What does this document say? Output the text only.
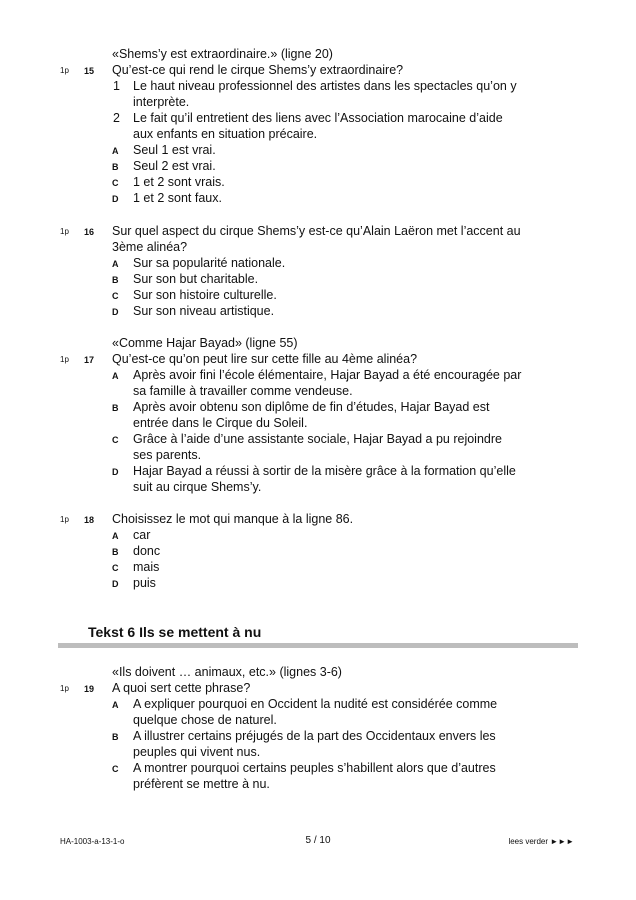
«Shems’y est extraordinaire.» (ligne 20)
1p 15 Qu’est-ce qui rend le cirque Shems’y extraordinaire?
1 Le haut niveau professionnel des artistes dans les spectacles qu’on y
interprète.
2 Le fait qu’il entretient des liens avec l’Association marocaine d’aide
aux enfants en situation précaire.
A Seul 1 est vrai.
B Seul 2 est vrai.
C 1 et 2 sont vrais.
D 1 et 2 sont faux.
1p 16 Sur quel aspect du cirque Shems’y est-ce qu’Alain Laëron met l’accent au
3ème alinéa?
A Sur sa popularité nationale.
B Sur son but charitable.
C Sur son histoire culturelle.
D Sur son niveau artistique.
«Comme Hajar Bayad» (ligne 55)
1p 17 Qu’est-ce qu’on peut lire sur cette fille au 4ème alinéa?
A Après avoir fini l’école élémentaire, Hajar Bayad a été encouragée par
sa famille à travailler comme vendeuse.
B Après avoir obtenu son diplôme de fin d’études, Hajar Bayad est
entrée dans le Cirque du Soleil.
C Grâce à l’aide d’une assistante sociale, Hajar Bayad a pu rejoindre
ses parents.
D Hajar Bayad a réussi à sortir de la misère grâce à la formation qu’elle
suit au cirque Shems’y.
1p 18 Choisissez le mot qui manque à la ligne 86.
A car
B donc
C mais
D puis
Tekst 6 Ils se mettent à nu
«Ils doivent … animaux, etc.» (lignes 3-6)
1p 19 A quoi sert cette phrase?
A A expliquer pourquoi en Occident la nudité est considérée comme
quelque chose de naturel.
B A illustrer certains préjugés de la part des Occidentaux envers les
peuples qui vivent nus.
C A montrer pourquoi certains peuples s’habillent alors que d’autres
préfèrent se mettre à nu.
HA-1003-a-13-1-o	5 / 10	lees verder ►►►
